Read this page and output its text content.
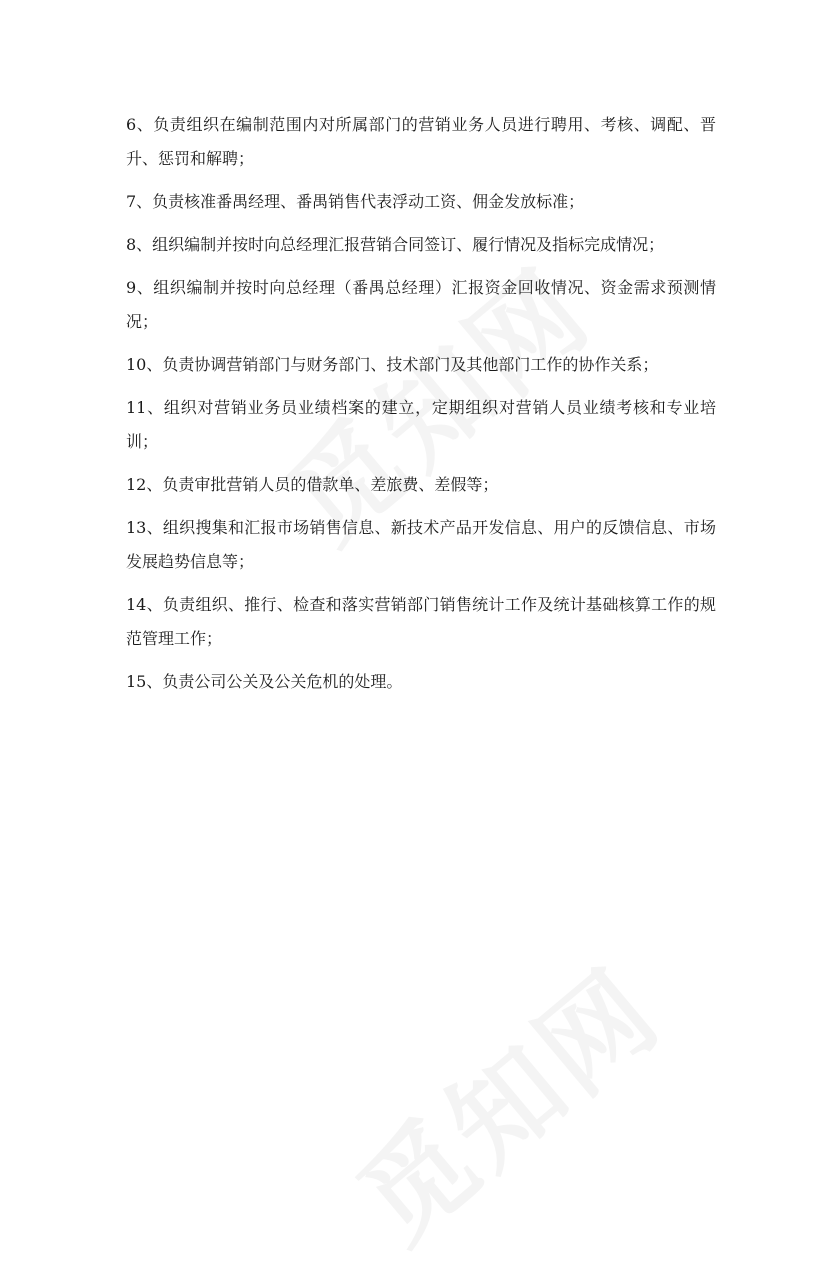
6、负责组织在编制范围内对所属部门的营销业务人员进行聘用、考核、调配、晋升、惩罚和解聘；

7、负责核准番禺经理、番禺销售代表浮动工资、佣金发放标准；

8、组织编制并按时向总经理汇报营销合同签订、履行情况及指标完成情况；

9、组织编制并按时向总经理（番禺总经理）汇报资金回收情况、资金需求预测情况；

10、负责协调营销部门与财务部门、技术部门及其他部门工作的协作关系；

11、组织对营销业务员业绩档案的建立，定期组织对营销人员业绩考核和专业培训；

12、负责审批营销人员的借款单、差旅费、差假等；

13、组织搜集和汇报市场销售信息、新技术产品开发信息、用户的反馈信息、市场发展趋势信息等；

14、负责组织、推行、检查和落实营销部门销售统计工作及统计基础核算工作的规范管理工作；

15、负责公司公关及公关危机的处理。
